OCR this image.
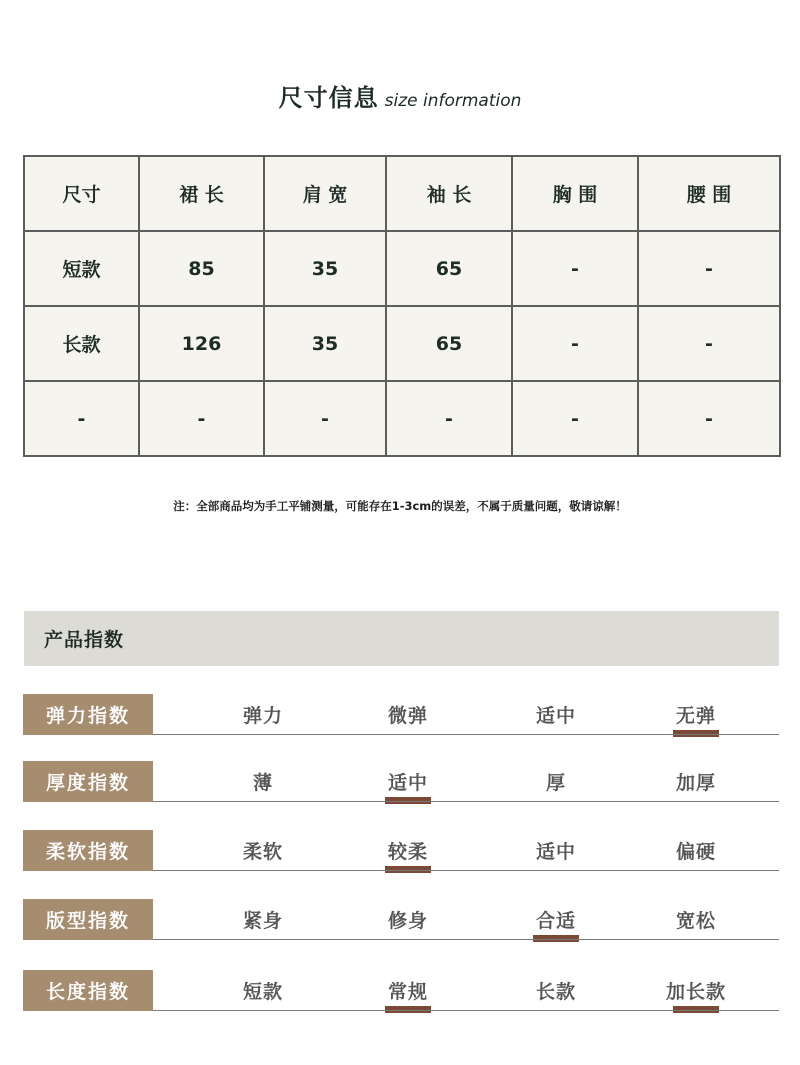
尺寸信息 size information
尺寸	裙 长	肩 宽	袖 长	胸 围	腰 围
短款	85	35	65	-	-
长款	126	35	65	-	-
-	-	-	-	-	-
注：全部商品均为手工平铺测量，可能存在1-3cm的误差，不属于质量问题，敬请谅解！
产品指数
弹力指数	弹力	微弹	适中	无弹
厚度指数	薄	适中	厚	加厚
柔软指数	柔软	较柔	适中	偏硬
版型指数	紧身	修身	合适	宽松
长度指数	短款	常规	长款	加长款
